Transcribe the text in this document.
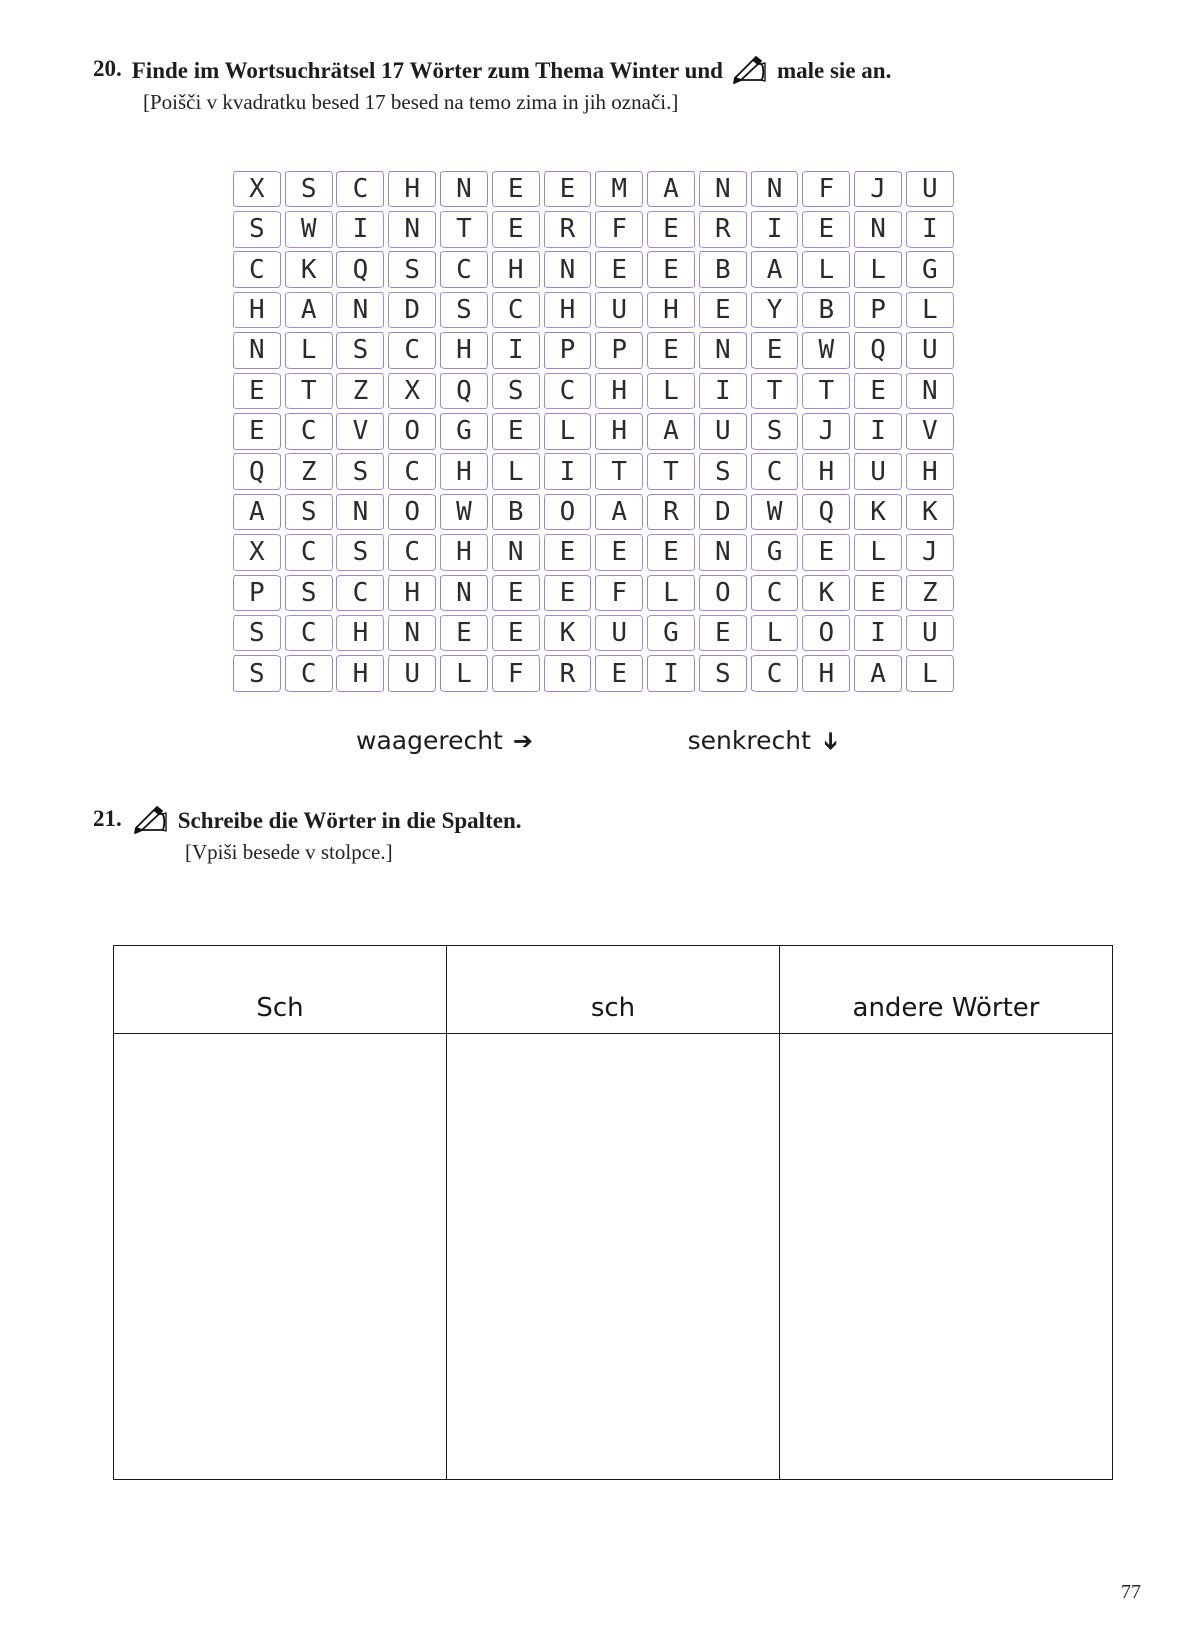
20. Finde im Wortsuchrätsel 17 Wörter zum Thema Winter und male sie an.
[Poišči v kvadratku besed 17 besed na temo zima in jih označi.]
X	S	C	H	N	E	E	M	A	N	N	F	J	U
S	W	I	N	T	E	R	F	E	R	I	E	N	I
C	K	Q	S	C	H	N	E	E	B	A	L	L	G
H	A	N	D	S	C	H	U	H	E	Y	B	P	L
N	L	S	C	H	I	P	P	E	N	E	W	Q	U
E	T	Z	X	Q	S	C	H	L	I	T	T	E	N
E	C	V	O	G	E	L	H	A	U	S	J	I	V
Q	Z	S	C	H	L	I	T	T	S	C	H	U	H
A	S	N	O	W	B	O	A	R	D	W	Q	K	K
X	C	S	C	H	N	E	E	E	N	G	E	L	J
P	S	C	H	N	E	E	F	L	O	C	K	E	Z
S	C	H	N	E	E	K	U	G	E	L	O	I	U
S	C	H	U	L	F	R	E	I	S	C	H	A	L
waagerecht ➔	senkrecht ➔
21.	Schreibe die Wörter in die Spalten.
[Vpiši besede v stolpce.]
Sch	sch	andere Wörter
77
